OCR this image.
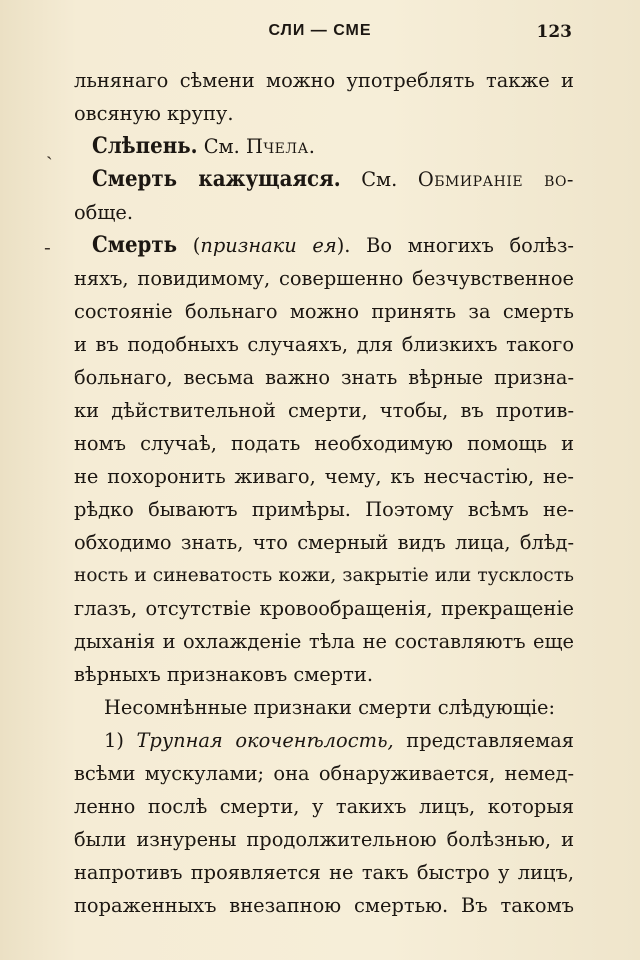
СЛИ — СМЕ	123
ˎ
-
льнянаго сѣмени можно употреблять также и
овсяную крупу.
Слѣпень. См. Пчела.
Смерть кажущаяся. См. Обмираніе во-
обще.
Смерть (признаки ея). Во многихъ болѣз-
няхъ, повидимому, совершенно безчувственное
состояніе больнаго можно принять за смерть
и въ подобныхъ случаяхъ, для близкихъ такого
больнаго, весьма важно знать вѣрные призна-
ки дѣйствительной смерти, чтобы, въ против-
номъ случаѣ, подать необходимую помощь и
не похоронить живаго, чему, къ несчастію, не-
рѣдко бываютъ примѣры. Поэтому всѣмъ не-
обходимо знать, что смерный видъ лица, блѣд-
ность и синеватость кожи, закрытіе или тусклость
глазъ, отсутствіе кровообращенія, прекращеніе
дыханія и охлажденіе тѣла не составляютъ еще
вѣрныхъ признаковъ смерти.
Несомнѣнные признаки смерти слѣдующіе:
1) Трупная окоченѣлость, представляемая
всѣми мускулами; она обнаруживается, немед-
ленно послѣ смерти, у такихъ лицъ, которыя
были изнурены продолжительною болѣзнью, и
напротивъ проявляется не такъ быстро у лицъ,
пораженныхъ внезапною смертью. Въ такомъ
